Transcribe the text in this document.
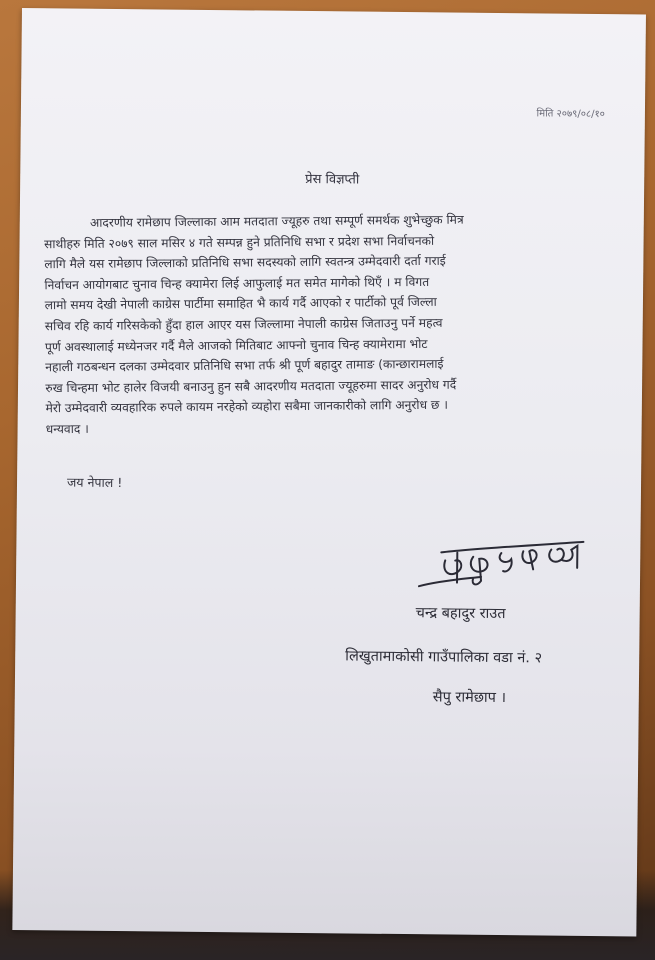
मिति २०७९/०८/१०
प्रेस विज्ञप्ती

आदरणीय रामेछाप जिल्लाका आम मतदाता ज्यूहरु तथा सम्पूर्ण समर्थक शुभेच्छुक मित्र

साथीहरु मिति २०७९ साल मसिर ४ गते सम्पन्न हुने प्रतिनिधि सभा र प्रदेश सभा निर्वाचनको

लागि मैले यस रामेछाप जिल्लाको प्रतिनिधि सभा सदस्यको लागि स्वतन्त्र उम्मेदवारी दर्ता गराई

निर्वाचन आयोगबाट चुनाव चिन्ह क्यामेरा लिई आफुलाई मत समेत मागेको थिएँ । म विगत

लामो समय देखी नेपाली काग्रेस पार्टीमा समाहित भै कार्य गर्दै आएको र पार्टीको पूर्व जिल्ला

सचिव रहि कार्य गरिसकेको हुँदा हाल आएर यस जिल्लामा नेपाली काग्रेस जिताउनु पर्ने महत्व

पूर्ण अवस्थालाई मध्येनजर गर्दै मैले आजको मितिबाट आफ्नो चुनाव चिन्ह क्यामेरामा भोट

नहाली गठबन्धन दलका उम्मेदवार प्रतिनिधि सभा तर्फ श्री पूर्ण बहादुर तामाङ (कान्छारामलाई

रुख चिन्हमा भोट हालेर विजयी बनाउनु हुन सबै आदरणीय मतदाता ज्यूहरुमा सादर अनुरोध गर्दै

मेरो उम्मेदवारी व्यवहारिक रुपले कायम नरहेको व्यहोरा सबैमा जानकारीको लागि अनुरोध छ ।

धन्यवाद ।

जय नेपाल !
चन्द्र बहादुर राउत
लिखुतामाकोसी गाउँपालिका वडा नं. २
सैपु रामेछाप ।
